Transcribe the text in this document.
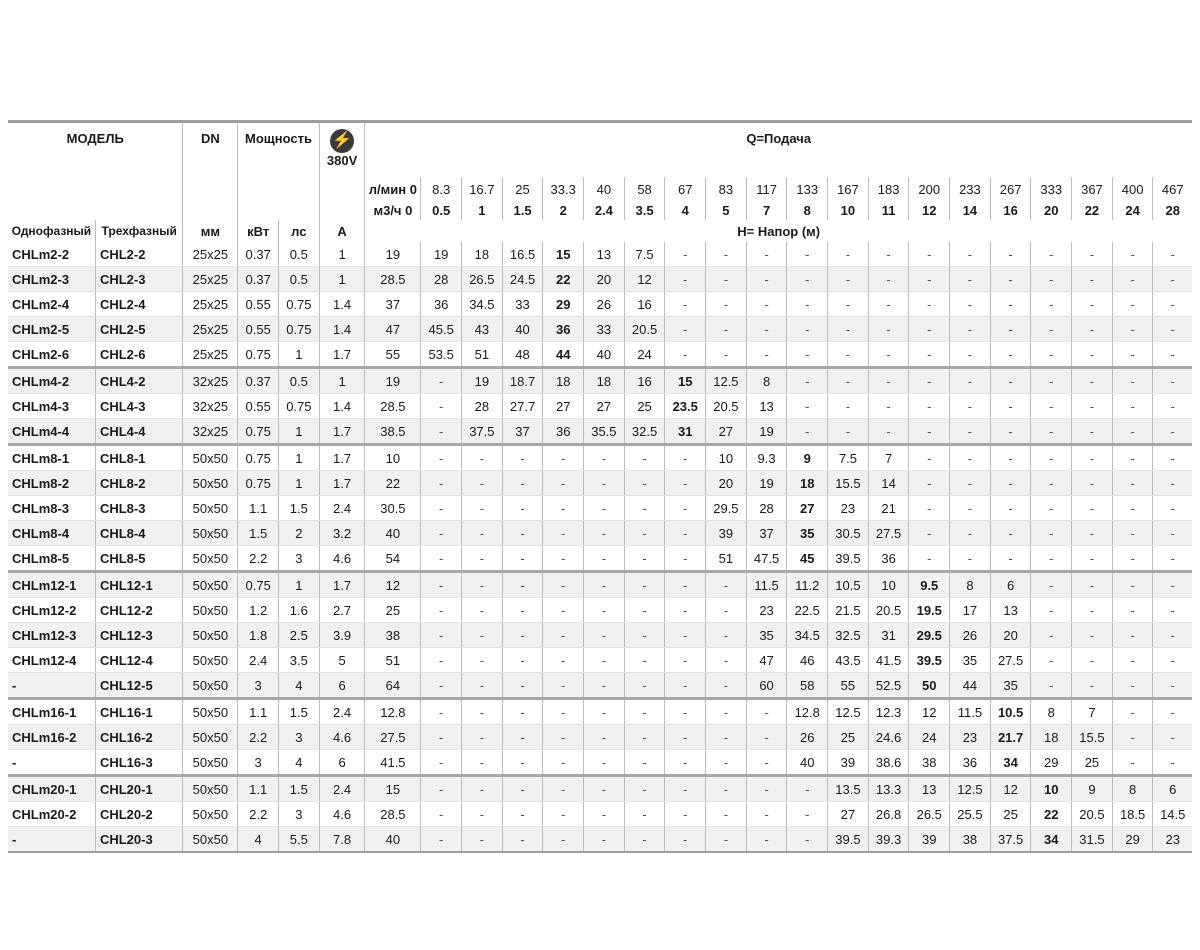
МОДЕЛЬ		DN	Мощность		⚡
380V	Q=Подача																			
						л/мин 0	8.3	16.7	25	33.3	40	58	67	83	117	133	167	183	200	233	267	333	367	400	467
						м3/ч 0	0.5	1	1.5	2	2.4	3.5	4	5	7	8	10	11	12	14	16	20	22	24	28
Однофазный	Трехфазный	мм	кВт	лс	А	H= Напор (м)																			
CHLm2-2	CHL2-2	25x25	0.37	0.5	1	19	19	18	16.5	15	13	7.5	-	-	-	-	-	-	-	-	-	-	-	-	-
CHLm2-3	CHL2-3	25x25	0.37	0.5	1	28.5	28	26.5	24.5	22	20	12	-	-	-	-	-	-	-	-	-	-	-	-	-
CHLm2-4	CHL2-4	25x25	0.55	0.75	1.4	37	36	34.5	33	29	26	16	-	-	-	-	-	-	-	-	-	-	-	-	-
CHLm2-5	CHL2-5	25x25	0.55	0.75	1.4	47	45.5	43	40	36	33	20.5	-	-	-	-	-	-	-	-	-	-	-	-	-
CHLm2-6	CHL2-6	25x25	0.75	1	1.7	55	53.5	51	48	44	40	24	-	-	-	-	-	-	-	-	-	-	-	-	-
CHLm4-2	CHL4-2	32x25	0.37	0.5	1	19	-	19	18.7	18	18	16	15	12.5	8	-	-	-	-	-	-	-	-	-	-
CHLm4-3	CHL4-3	32x25	0.55	0.75	1.4	28.5	-	28	27.7	27	27	25	23.5	20.5	13	-	-	-	-	-	-	-	-	-	-
CHLm4-4	CHL4-4	32x25	0.75	1	1.7	38.5	-	37.5	37	36	35.5	32.5	31	27	19	-	-	-	-	-	-	-	-	-	-
CHLm8-1	CHL8-1	50x50	0.75	1	1.7	10	-	-	-	-	-	-	-	10	9.3	9	7.5	7	-	-	-	-	-	-	-
CHLm8-2	CHL8-2	50x50	0.75	1	1.7	22	-	-	-	-	-	-	-	20	19	18	15.5	14	-	-	-	-	-	-	-
CHLm8-3	CHL8-3	50x50	1.1	1.5	2.4	30.5	-	-	-	-	-	-	-	29.5	28	27	23	21	-	-	-	-	-	-	-
CHLm8-4	CHL8-4	50x50	1.5	2	3.2	40	-	-	-	-	-	-	-	39	37	35	30.5	27.5	-	-	-	-	-	-	-
CHLm8-5	CHL8-5	50x50	2.2	3	4.6	54	-	-	-	-	-	-	-	51	47.5	45	39.5	36	-	-	-	-	-	-	-
CHLm12-1	CHL12-1	50x50	0.75	1	1.7	12	-	-	-	-	-	-	-	-	11.5	11.2	10.5	10	9.5	8	6	-	-	-	-
CHLm12-2	CHL12-2	50x50	1.2	1.6	2.7	25	-	-	-	-	-	-	-	-	23	22.5	21.5	20.5	19.5	17	13	-	-	-	-
CHLm12-3	CHL12-3	50x50	1.8	2.5	3.9	38	-	-	-	-	-	-	-	-	35	34.5	32.5	31	29.5	26	20	-	-	-	-
CHLm12-4	CHL12-4	50x50	2.4	3.5	5	51	-	-	-	-	-	-	-	-	47	46	43.5	41.5	39.5	35	27.5	-	-	-	-
-	CHL12-5	50x50	3	4	6	64	-	-	-	-	-	-	-	-	60	58	55	52.5	50	44	35	-	-	-	-
CHLm16-1	CHL16-1	50x50	1.1	1.5	2.4	12.8	-	-	-	-	-	-	-	-	-	12.8	12.5	12.3	12	11.5	10.5	8	7	-	-
CHLm16-2	CHL16-2	50x50	2.2	3	4.6	27.5	-	-	-	-	-	-	-	-	-	26	25	24.6	24	23	21.7	18	15.5	-	-
-	CHL16-3	50x50	3	4	6	41.5	-	-	-	-	-	-	-	-	-	40	39	38.6	38	36	34	29	25	-	-
CHLm20-1	CHL20-1	50x50	1.1	1.5	2.4	15	-	-	-	-	-	-	-	-	-	-	13.5	13.3	13	12.5	12	10	9	8	6
CHLm20-2	CHL20-2	50x50	2.2	3	4.6	28.5	-	-	-	-	-	-	-	-	-	-	27	26.8	26.5	25.5	25	22	20.5	18.5	14.5
-	CHL20-3	50x50	4	5.5	7.8	40	-	-	-	-	-	-	-	-	-	-	39.5	39.3	39	38	37.5	34	31.5	29	23
